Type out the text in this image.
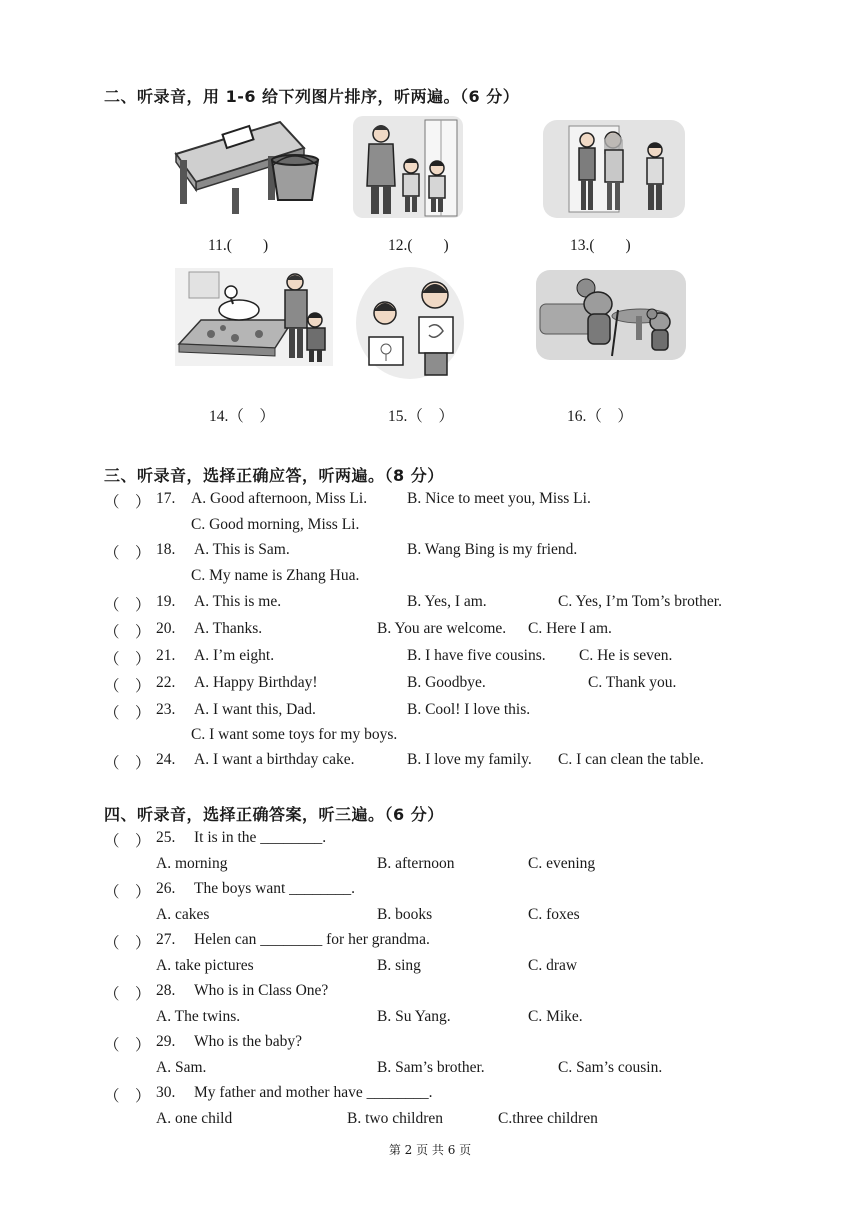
二、听录音，用 1-6 给下列图片排序，听两遍。（6 分）
11.(　　)	12.(　　)	13.(　　)
14.（　）	15.（　）	16.（　）
三、听录音，选择正确应答，听两遍。（8 分）
（　） 17. A. Good afternoon, Miss Li.	B. Nice to meet you, Miss Li.
C. Good morning, Miss Li.
（　） 18. A. This is Sam.	B. Wang Bing is my friend.
C. My name is Zhang Hua.
（　） 19. A. This is me.	B. Yes, I am.	C. Yes, I’m Tom’s brother.
（　） 20. A. Thanks.	B. You are welcome. C. Here I am.
（　） 21. A. I’m eight.	B. I have five cousins. C. He is seven.
（　） 22. A. Happy Birthday!	B. Goodbye.	C. Thank you.
（　） 23. A. I want this, Dad.	B. Cool! I love this.
C. I want some toys for my boys.
（　） 24. A. I want a birthday cake.	B. I love my family. C. I can clean the table.
四、听录音，选择正确答案，听三遍。（6 分）
（　） 25. It is in the ________.
A. morning	B. afternoon	C. evening
（　） 26. The boys want ________.
A. cakes	B. books	C. foxes
（　） 27. Helen can ________ for her grandma.
A. take pictures	B. sing	C. draw
（　） 28. Who is in Class One?
A. The twins.	B. Su Yang.	C. Mike.
（　） 29. Who is the baby?
A. Sam.	B. Sam’s brother.	C. Sam’s cousin.
（　） 30. My father and mother have ________.
A. one child	B. two children	C.three children
第 2 页 共 6 页
